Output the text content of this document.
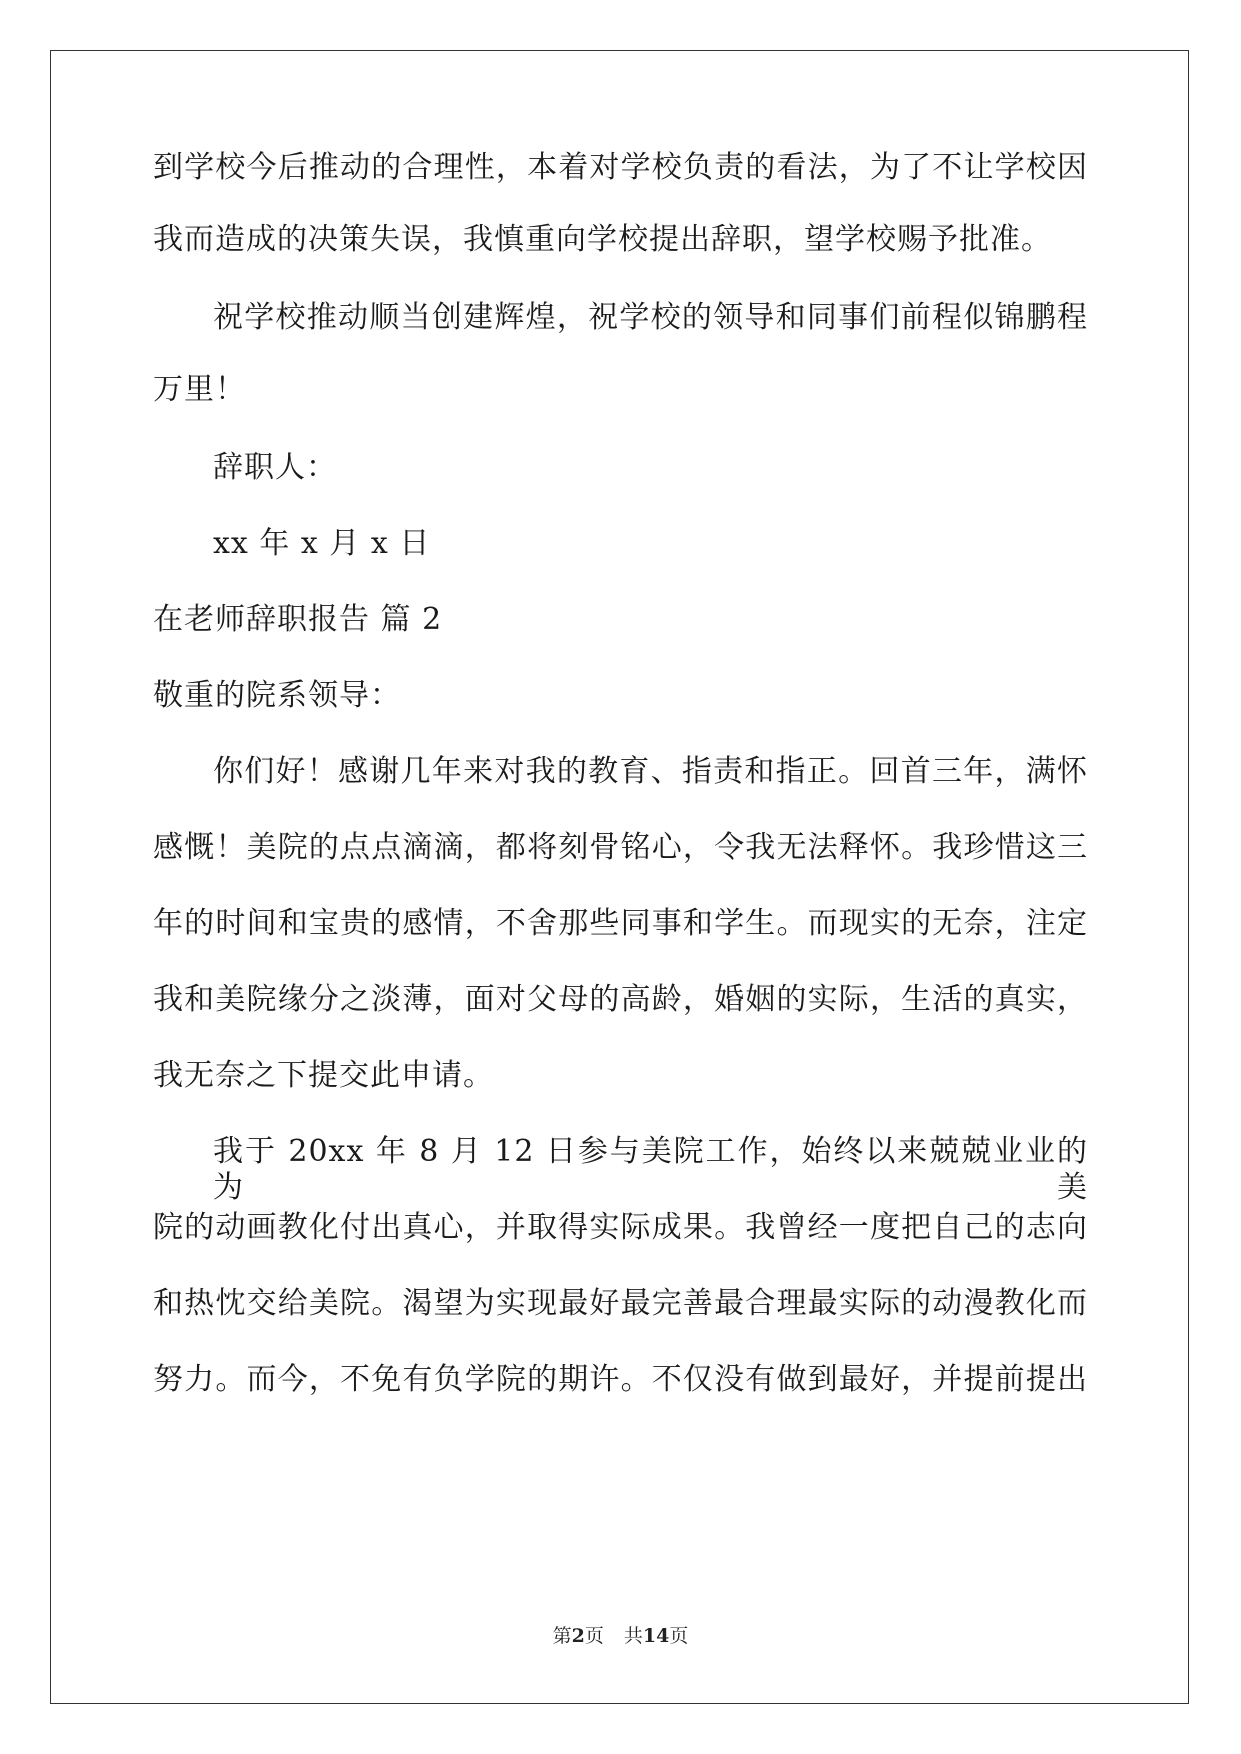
到学校今后推动的合理性，本着对学校负责的看法，为了不让学校因
我而造成的决策失误，我慎重向学校提出辞职，望学校赐予批准。
祝学校推动顺当创建辉煌，祝学校的领导和同事们前程似锦鹏程
万里！
辞职人：
xx 年 x 月 x 日
在老师辞职报告 篇 2
敬重的院系领导：
你们好！感谢几年来对我的教育、指责和指正。回首三年，满怀
感慨！美院的点点滴滴，都将刻骨铭心，令我无法释怀。我珍惜这三
年的时间和宝贵的感情，不舍那些同事和学生。而现实的无奈，注定
我和美院缘分之淡薄，面对父母的高龄，婚姻的实际，生活的真实，
我无奈之下提交此申请。
我于 20xx 年 8 月 12 日参与美院工作，始终以来兢兢业业的为美
院的动画教化付出真心，并取得实际成果。我曾经一度把自己的志向
和热忱交给美院。渴望为实现最好最完善最合理最实际的动漫教化而
努力。而今，不免有负学院的期许。不仅没有做到最好，并提前提出
第2页 共14页
